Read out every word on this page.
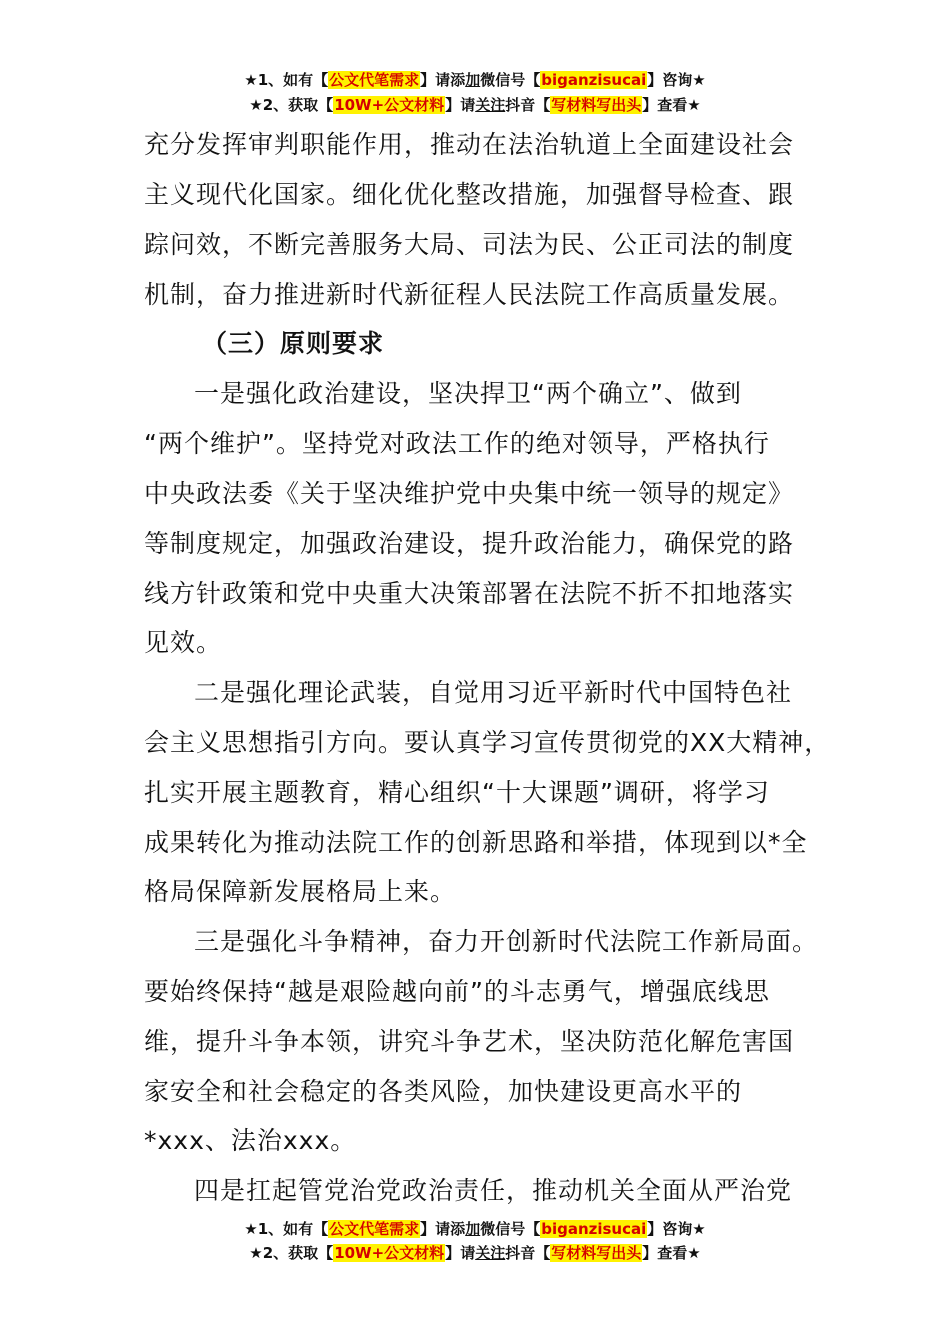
★1、如有【公文代笔需求】请添加微信号【biganzisucai】咨询★
★2、获取【10W+公文材料】请关注抖音【写材料写出头】查看★
充分发挥审判职能作用，推动在法治轨道上全面建设社会
主义现代化国家。细化优化整改措施，加强督导检查、跟
踪问效，不断完善服务大局、司法为民、公正司法的制度
机制，奋力推进新时代新征程人民法院工作高质量发展。
（三）原则要求
一是强化政治建设，坚决捍卫“两个确立”、做到
“两个维护”。坚持党对政法工作的绝对领导，严格执行
中央政法委《关于坚决维护党中央集中统一领导的规定》
等制度规定，加强政治建设，提升政治能力，确保党的路
线方针政策和党中央重大决策部署在法院不折不扣地落实
见效。
二是强化理论武装，自觉用习近平新时代中国特色社
会主义思想指引方向。要认真学习宣传贯彻党的XX大精神，
扎实开展主题教育，精心组织“十大课题”调研，将学习
成果转化为推动法院工作的创新思路和举措，体现到以*全
格局保障新发展格局上来。
三是强化斗争精神，奋力开创新时代法院工作新局面。
要始终保持“越是艰险越向前”的斗志勇气，增强底线思
维，提升斗争本领，讲究斗争艺术，坚决防范化解危害国
家安全和社会稳定的各类风险，加快建设更高水平的
*xxx、法治xxx。
四是扛起管党治党政治责任，推动机关全面从严治党
★1、如有【公文代笔需求】请添加微信号【biganzisucai】咨询★
★2、获取【10W+公文材料】请关注抖音【写材料写出头】查看★
